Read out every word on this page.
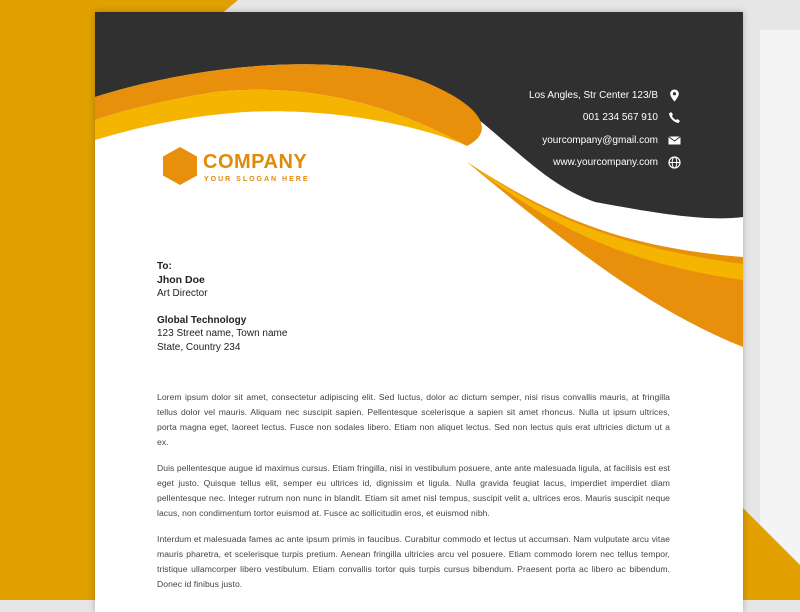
COMPANY
YOUR SLOGAN HERE
Los Angles, Str Center 123/B
001 234 567 910
yourcompany@gmail.com
www.yourcompany.com
To:
Jhon Doe
Art Director
Global Technology
123 Street name, Town name
State, Country 234

Lorem ipsum dolor sit amet, consectetur adipiscing elit. Sed luctus, dolor ac dictum semper, nisi risus convallis mauris, at fringilla tellus dolor vel mauris. Aliquam nec suscipit sapien. Pellentesque scelerisque a sapien sit amet rhoncus. Nulla ut ipsum ultrices, porta magna eget, laoreet lectus. Fusce non sodales libero. Etiam non aliquet lectus. Sed non lectus quis erat ultricies dictum ut a ex.

Duis pellentesque augue id maximus cursus. Etiam fringilla, nisi in vestibulum posuere, ante ante malesuada ligula, at facilisis est est eget justo. Quisque tellus elit, semper eu ultrices id, dignissim et ligula. Nulla gravida feugiat lacus, imperdiet imperdiet diam pellentesque nec. Integer rutrum non nunc in blandit. Etiam sit amet nisl tempus, suscipit velit a, ultrices eros. Mauris suscipit neque lacus, non condimentum tortor euismod at. Fusce ac sollicitudin eros, et euismod nibh.

Interdum et malesuada fames ac ante ipsum primis in faucibus. Curabitur commodo et lectus ut accumsan. Nam vulputate arcu vitae mauris pharetra, et scelerisque turpis pretium. Aenean fringilla ultricies arcu vel posuere. Etiam commodo lorem nec tellus tempor, tristique ullamcorper libero vestibulum. Etiam convallis tortor quis turpis cursus bibendum. Praesent porta ac libero ac bibendum. Donec id finibus justo.
